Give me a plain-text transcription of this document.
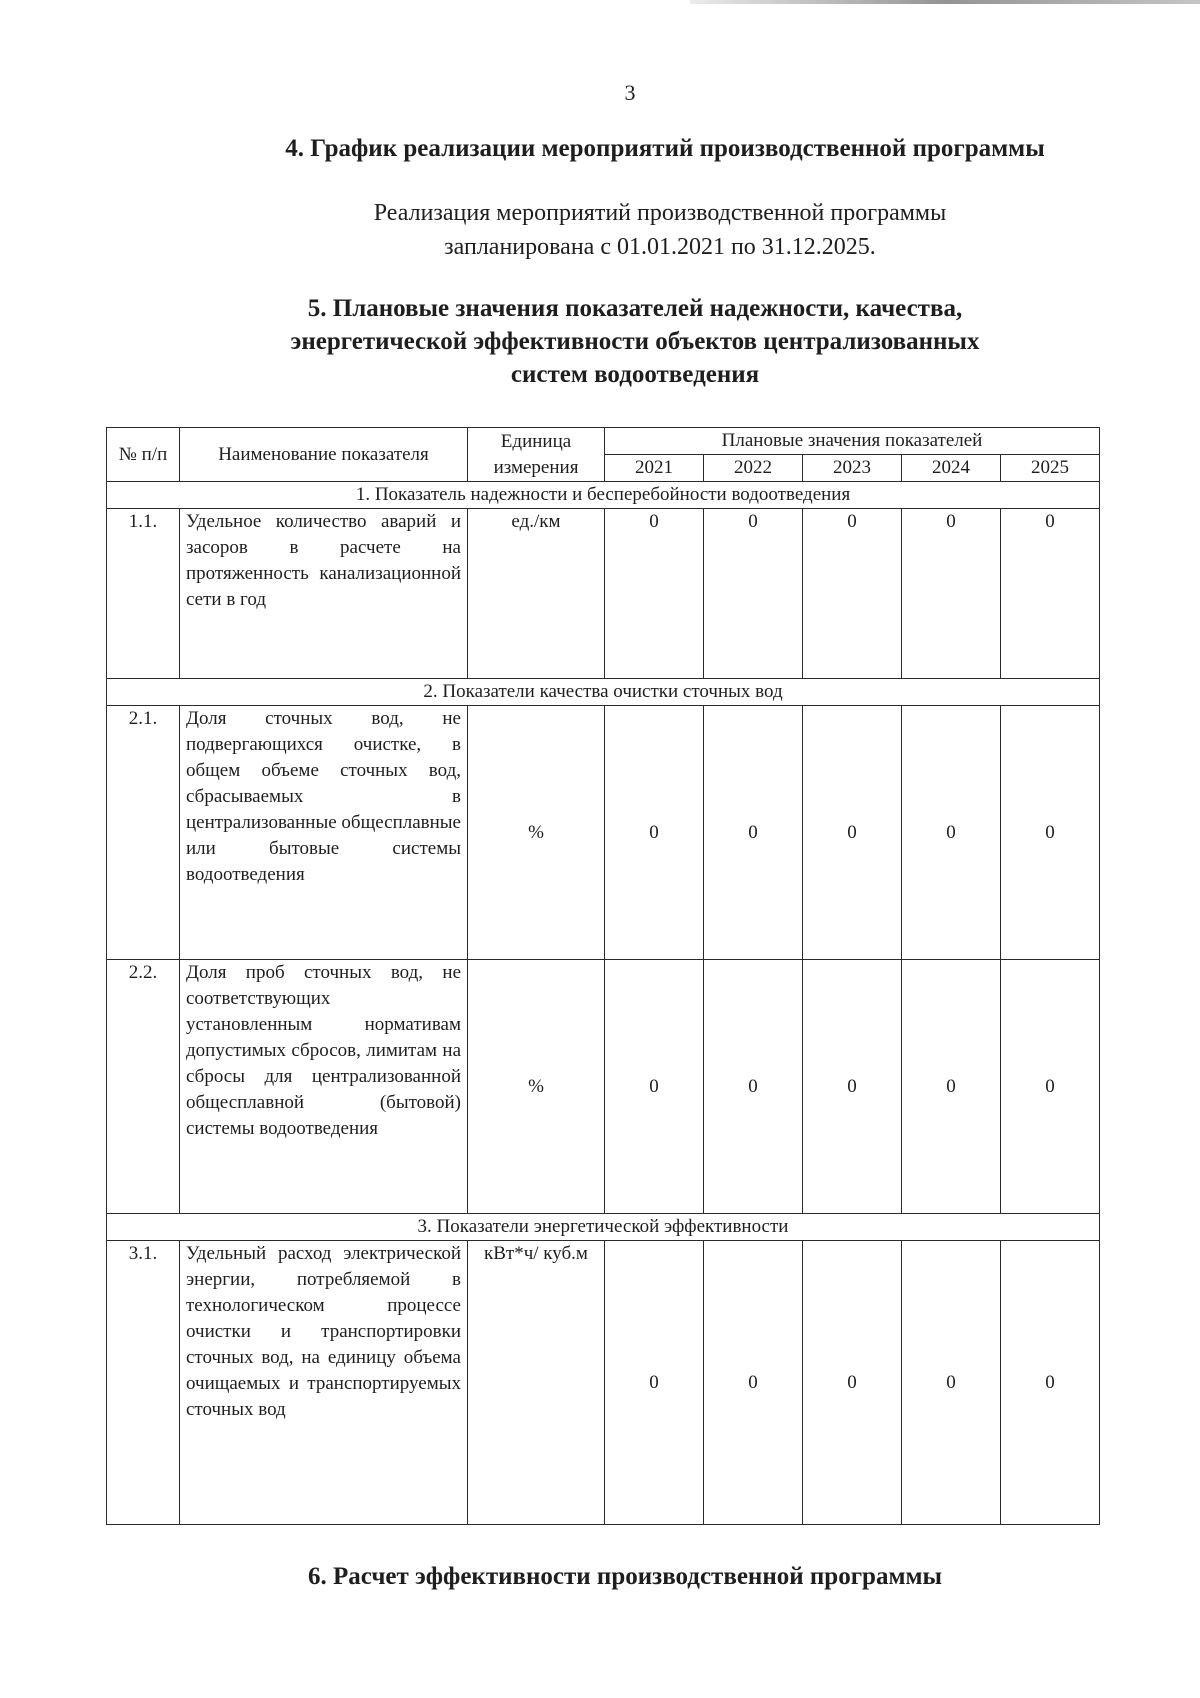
3
4. График реализации мероприятий производственной программы

Реализация мероприятий производственной программы запланирована с 01.01.2021 по 31.12.2025.

5. Плановые значения показателей надежности, качества,
энергетической эффективности объектов централизованных
систем водоотведения
№ п/п	Наименование показателя	Единица измерения	Плановые значения показателей				
			2021	2022	2023	2024	2025
1. Показатель надежности и бесперебойности водоотведения							
1.1.	Удельное количество аварий и засоров в расчете на протяженность канализационной сети в год	ед./км	0	0	0	0	0
2. Показатели качества очистки сточных вод							
2.1.	Доля сточных вод, не подвергающихся очистке, в общем объеме сточных вод, сбрасываемых в централизованные общесплавные или бытовые системы водоотведения	%	0	0	0	0	0
2.2.	Доля проб сточных вод, не соответствующих установленным нормативам допустимых сбросов, лимитам на сбросы для централизованной общесплавной (бытовой) системы водоотведения	%	0	0	0	0	0
3. Показатели энергетической эффективности							
3.1.	Удельный расход электрической энергии, потребляемой в технологическом процессе очистки и транспортировки сточных вод, на единицу объема очищаемых и транспортируемых сточных вод	кВт*ч/ куб.м	0	0	0	0	0
6. Расчет эффективности производственной программы
